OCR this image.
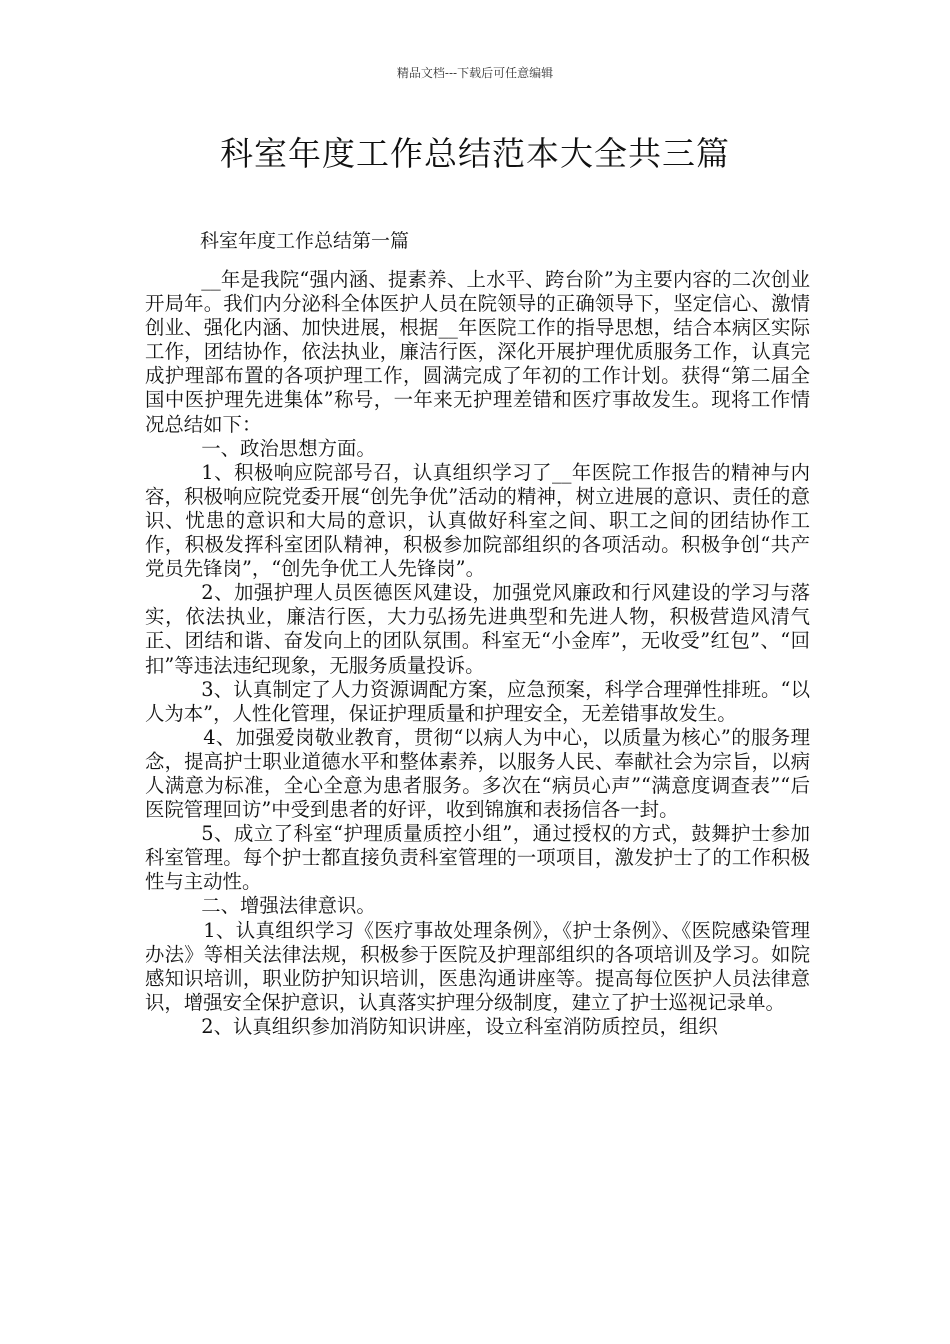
精品文档---下载后可任意编辑
科室年度工作总结范本大全共三篇
科室年度工作总结第一篇

__年是我院“强内涵、提素养、上水平、跨台阶”为主要内容的二次创业开局年。我们内分泌科全体医护人员在院领导的正确领导下，坚定信心、激情创业、强化内涵、加快进展，根据__年医院工作的指导思想，结合本病区实际工作，团结协作，依法执业，廉洁行医，深化开展护理优质服务工作，认真完成护理部布置的各项护理工作，圆满完成了年初的工作计划。获得“第二届全国中医护理先进集体”称号，一年来无护理差错和医疗事故发生。现将工作情况总结如下：

一、政治思想方面。

1、积极响应院部号召，认真组织学习了__年医院工作报告的精神与内容，积极响应院党委开展“创先争优”活动的精神，树立进展的意识、责任的意识、忧患的意识和大局的意识，认真做好科室之间、职工之间的团结协作工作，积极发挥科室团队精神，积极参加院部组织的各项活动。积极争创“共产党员先锋岗”，“创先争优工人先锋岗”。

2、加强护理人员医德医风建设，加强党风廉政和行风建设的学习与落实，依法执业，廉洁行医，大力弘扬先进典型和先进人物，积极营造风清气正、团结和谐、奋发向上的团队氛围。科室无“小金库”，无收受”红包”、“回扣”等违法违纪现象，无服务质量投诉。

3、认真制定了人力资源调配方案，应急预案，科学合理弹性排班。“以人为本”，人性化管理，保证护理质量和护理安全，无差错事故发生。

4、加强爱岗敬业教育，贯彻“以病人为中心，以质量为核心”的服务理念，提高护士职业道德水平和整体素养，以服务人民、奉献社会为宗旨，以病人满意为标准，全心全意为患者服务。多次在“病员心声”“满意度调查表”“后医院管理回访”中受到患者的好评，收到锦旗和表扬信各一封。

5、成立了科室“护理质量质控小组”，通过授权的方式，鼓舞护士参加科室管理。每个护士都直接负责科室管理的一项项目，激发护士了的工作积极性与主动性。

二、增强法律意识。

1、认真组织学习《医疗事故处理条例》，《护士条例》、《医院感染管理办法》等相关法律法规，积极参于医院及护理部组织的各项培训及学习。如院感知识培训，职业防护知识培训，医患沟通讲座等。提高每位医护人员法律意识，增强安全保护意识，认真落实护理分级制度，建立了护士巡视记录单。

2、认真组织参加消防知识讲座，设立科室消防质控员，组织
